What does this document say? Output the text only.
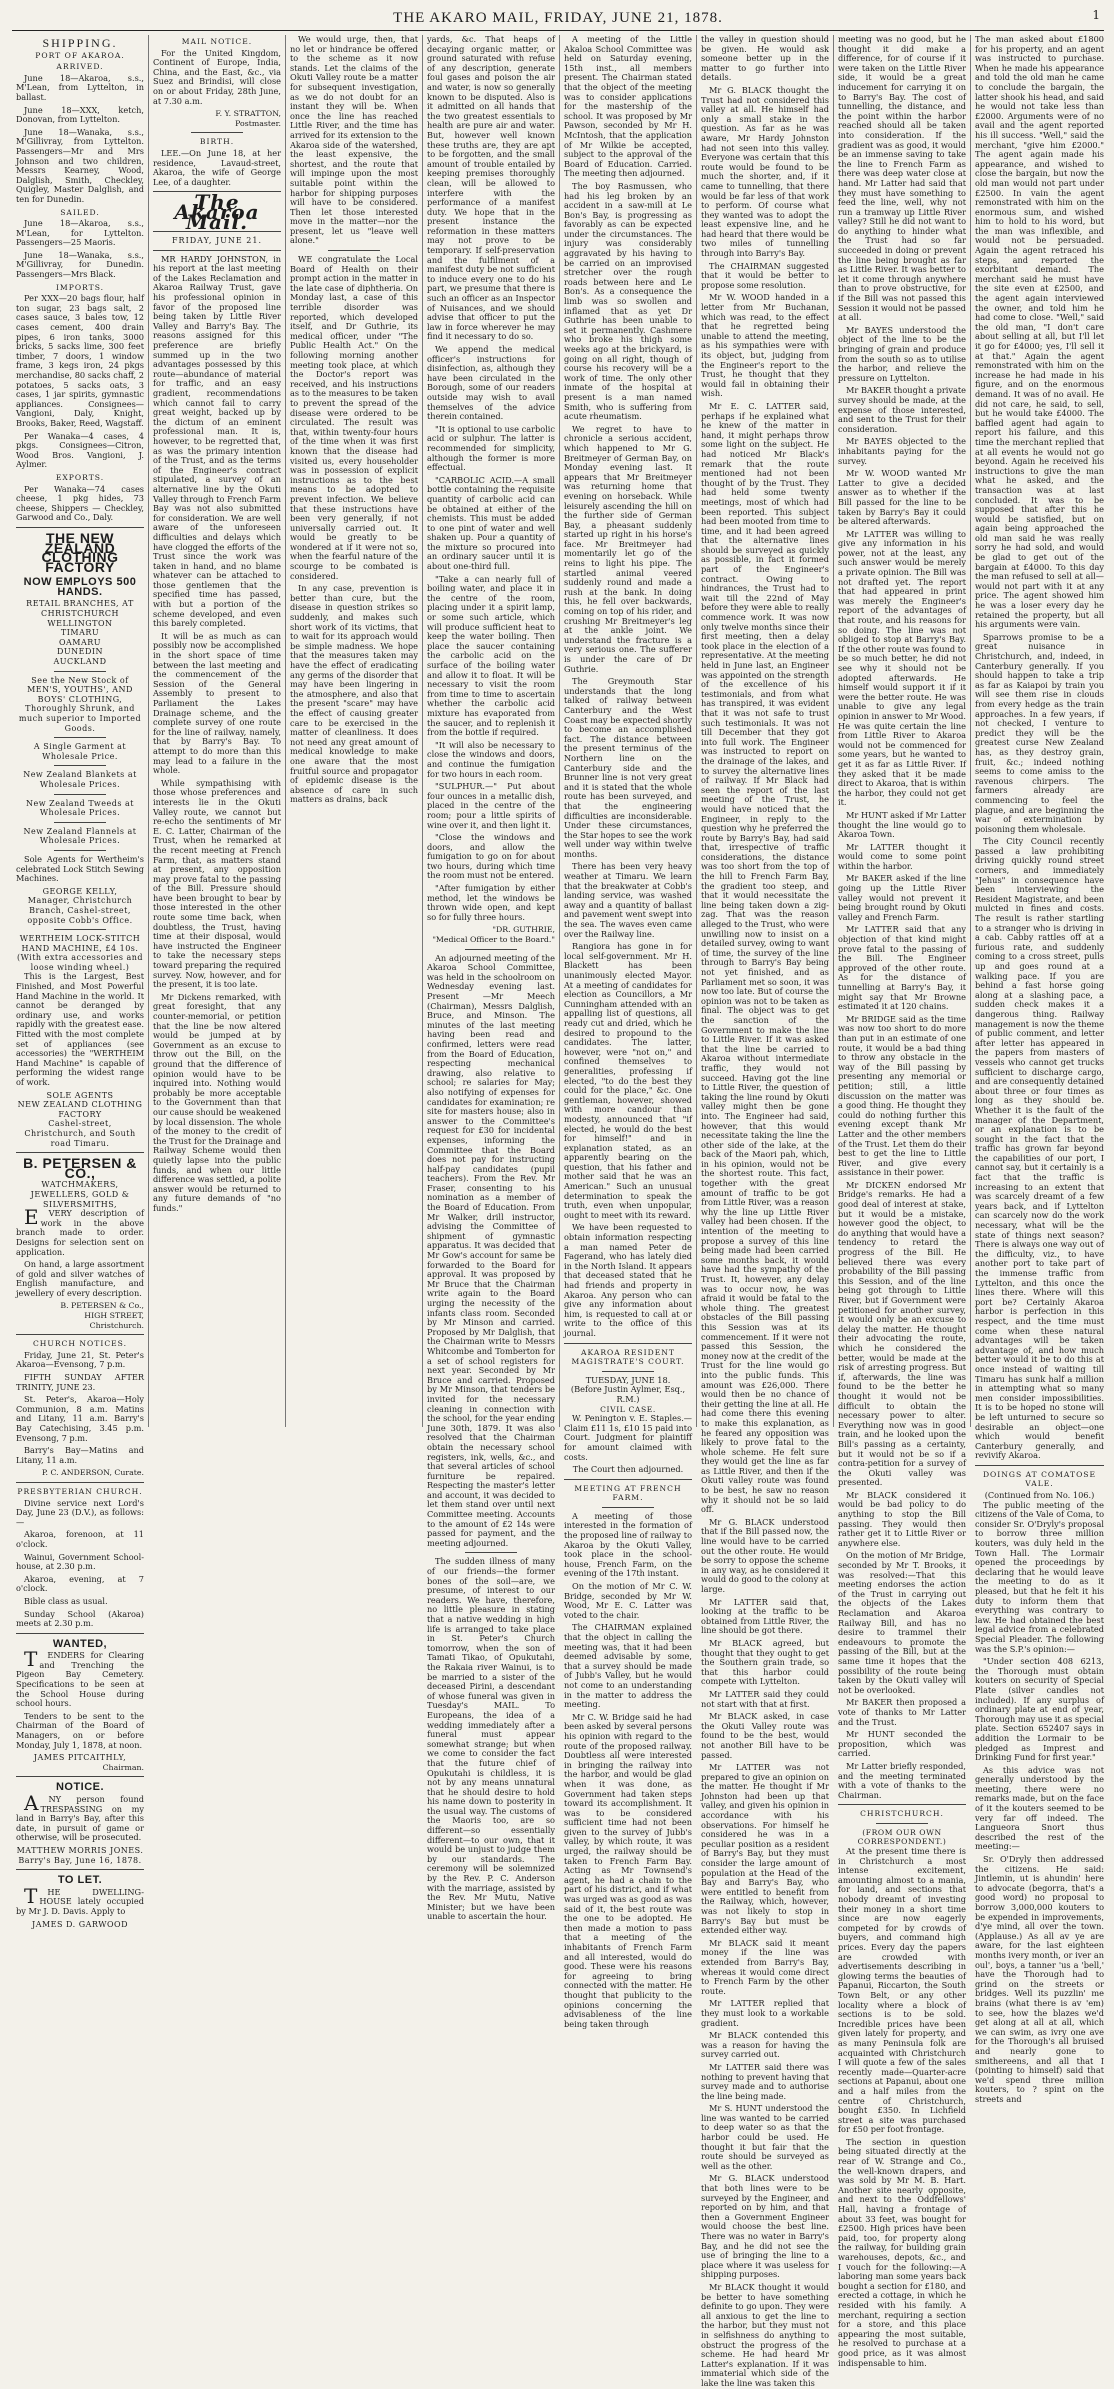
THE AKARO MAIL, FRIDAY, JUNE 21, 1878.	1
SHIPPING.
PORT OF AKAROA.
ARRIVED.

June 18—Akaroa, s.s., M'Lean, from Lyttelton, in ballast.

June 18—XXX, ketch, Donovan, from Lyttelton.

June 18—Wanaka, s.s., M'Gillivray, from Lyttelton. Passengers—Mr and Mrs Johnson and two children, Messrs Kearney, Wood, Dalglish, Smith, Checkley, Quigley, Master Dalglish, and ten for Dunedin.

SAILED.

June 18—Akaroa, s.s., M'Lean, for Lyttelton. Passengers—25 Maoris.

June 18—Wanaka, s.s., M'Gillivray, for Dunedin. Passengers—Mrs Black.

IMPORTS.

Per XXX—20 bags flour, half ton sugar, 23 bags salt, 2 cases sauce, 3 bales tow, 12 cases cement, 400 drain pipes, 6 iron tanks, 3000 bricks, 5 sacks lime, 300 feet timber, 7 doors, 1 window frame, 3 kegs iron, 24 pkgs merchandise, 80 sacks chaff, 2 potatoes, 5 sacks oats, 3 cases, 1 jar spirits, gymnastic appliances. Consignees—Vangioni, Daly, Knight, Brooks, Baker, Reed, Wagstaff.

Per Wanaka—4 cases, 4 pkgs. Consignees—Citron, Wood Bros. Vangioni, J. Aylmer.

EXPORTS.

Per Wanaka—74 cases cheese, 1 pkg hides, 73 cheese, Shippers — Checkley, Garwood and Co., Daly.

THE NEW ZEALAND CLOTHING FACTORY
NOW EMPLOYS 500 HANDS.
RETAIL BRANCHES, AT
CHRISTCHURCH
WELLINGTON
TIMARU
OAMARU
DUNEDIN
AUCKLAND
See the New Stock of MEN'S, YOUTHS', AND BOYS' CLOTHING,
Thoroughly Shrunk, and much superior to Imported Goods.
A Single Garment at Wholesale Price.
New Zealand Blankets at Wholesale Prices.
New Zealand Tweeds at Wholesale Prices.
New Zealand Flannels at Wholesale Prices.

Sole Agents for Wertheim's celebrated Lock Stitch Sewing Machines.

GEORGE KELLY,
Manager, Christchurch Branch, Cashel-street, opposite Cobb's Office.
WERTHEIM LOCK-STITCH HAND MACHINE, £4 10s.
(With extra accessories and loose winding wheel.)

This is the Largest, Best Finished, and Most Powerful Hand Machine in the world. It cannot be deranged by ordinary use, and works rapidly with the greatest ease. Fitted with the most complete set of appliances (see accessories) the "WERTHEIM Hand Machine" is capable of performing the widest range of work.

SOLE AGENTS
NEW ZEALAND CLOTHING FACTORY
Cashel-street, Christchurch, and South road Timaru.
B. PETERSEN & CO.,
WATCHMAKERS, JEWELLERS, GOLD & SILVERSMITHS,

EVERY description of work in the above branch made to order. Designs for selection sent on application.

On hand, a large assortment of gold and silver watches of English manufacture, and jewellery of every description.

B. PETERSEN & Co.,
HIGH STREET,
Christchurch.
CHURCH NOTICES.

Friday, June 21, St. Peter's Akaroa—Evensong, 7 p.m.

FIFTH SUNDAY AFTER TRINITY, JUNE 23.

St. Peter's, Akaroa—Holy Communion, 8 a.m. Matins and Litany, 11 a.m. Barry's Bay Catechising, 3.45 p.m. Evensong, 7 p.m.

Barry's Bay—Matins and Litany, 11 a.m.

P. C. ANDERSON, Curate.
PRESBYTERIAN CHURCH.

Divine service next Lord's Day, June 23 (D.V.), as follows:—

Akaroa, forenoon, at 11 o'clock.

Wainui, Government School-house, at 2.30 p.m.

Akaroa, evening, at 7 o'clock.

Bible class as usual.

Sunday School (Akaroa) meets at 2.30 p.m.

WANTED,

TENDERS for Clearing and Trenching the Pigeon Bay Cemetery. Specifications to be seen at the School House during school hours.

Tenders to be sent to the Chairman of the Board of Managers, on or before Monday, July 1, 1878, at noon.

JAMES PITCAITHLY,
Chairman.
NOTICE.

ANY person found TRESPASSING on my land in Barry's Bay, after this date, in pursuit of game or otherwise, will be prosecuted.

MATTHEW MORRIS JONES.
Barry's Bay, June 16, 1878.
TO LET.

THE DWELLING-HOUSE lately occupied by Mr J. D. Davis. Apply to

JAMES D. GARWOOD
MAIL NOTICE.

For the United Kingdom, Continent of Europe, India, China, and the East, &c., via Suez and Brindisi, will close on or about Friday, 28th June, at 7.30 a.m.

F. Y. STRATTON,
Postmaster.
BIRTH.

LEE.—On June 18, at her residence, Lavaud-street, Akaroa, the wife of George Lee, of a daughter.

The Akaroa Mail.
FRIDAY, JUNE 21.

MR HARDY JOHNSTON, in his report at the last meeting of the Lakes Reclamation and Akaroa Railway Trust, gave his professional opinion in favor of the proposed line being taken by Little River Valley and Barry's Bay. The reasons assigned for this preference are briefly summed up in the two advantages possessed by this route—abundance of material for traffic, and an easy gradient, recommendations which cannot fail to carry great weight, backed up by the dictum of an eminent professional man. It is, however, to be regretted that, as was the primary intention of the Trust, and as the terms of the Engineer's contract stipulated, a survey of an alternative line by the Okuti Valley through to French Farm Bay was not also submitted for consideration. We are well aware of the unforeseen difficulties and delays which have clogged the efforts of the Trust since the work was taken in hand, and no blame whatever can be attached to those gentlemen that the specified time has passed, with but a portion of the scheme developed, and even this barely completed.

It will be as much as can possibly now be accomplished in the short space of time between the last meeting and the commencement of the Session of the General Assembly to present to Parliament the Lakes Drainage scheme, and the complete survey of one route for the line of railway, namely, that by Barry's Bay. To attempt to do more than this may lead to a failure in the whole.

While sympathising with those whose preferences and interests lie in the Okuti Valley route, we cannot but re-echo the sentiments of Mr E. C. Latter, Chairman of the Trust, when he remarked at the recent meeting at French Farm, that, as matters stand at present, any opposition may prove fatal to the passing of the Bill. Pressure should have been brought to bear by those interested in the other route some time back, when doubtless, the Trust, having time at their disposal, would have instructed the Engineer to take the necessary steps toward preparing the required survey. Now, however, and for the present, it is too late.

Mr Dickens remarked, with great foresight, that any counter-memorial, or petition that the line be now altered would be jumped at by Government as an excuse to throw out the Bill, on the ground that the difference of opinion would have to be inquired into. Nothing would probably be more acceptable to the Government than that our cause should be weakened by local dissension. The whole of the money to the credit of the Trust for the Drainage and Railway Scheme would then quietly lapse into the public funds, and when our little difference was settled, a polite answer would be returned to any future demands of "no funds."

We would urge, then, that no let or hindrance be offered to the scheme as it now stands. Let the claims of the Okuti Valley route be a matter for subsequent investigation, as we do not doubt for an instant they will be. When once the line has reached Little River, and the time has arrived for its extension to the Akaroa side of the watershed, the least expensive, the shortest, and the route that will impinge upon the most suitable point within the harbor for shipping purposes will have to be considered. Then let those interested move in the matter—nor the present, let us "leave well alone."

WE congratulate the Local Board of Health on their prompt action in the matter in the late case of diphtheria. On Monday last, a case of this terrible disorder was reported, which developed itself, and Dr Guthrie, its medical officer, under "The Public Health Act." On the following morning another meeting took place, at which the Doctor's report was received, and his instructions as to the measures to be taken to prevent the spread of the disease were ordered to be circulated. The result was that, within twenty-four hours of the time when it was first known that the disease had visited us, every householder was in possession of explicit instructions as to the best means to be adopted to prevent infection. We believe that these instructions have been very generally, if not universally carried out. It would be greatly to be wondered at if it were not so, when the fearful nature of the scourge to be combated is considered.

In any case, prevention is better than cure, but the disease in question strikes so suddenly, and makes such short work of its victims, that to wait for its approach would be simple madness. We hope that the measures taken may have the effect of eradicating any germs of the disorder that may have been lingering in the atmosphere, and also that the present "scare" may have the effect of causing greater care to be exercised in the matter of cleanliness. It does not need any great amount of medical knowledge to make one aware that the most fruitful source and propagator of epidemic disease is the absence of care in such matters as drains, back

yards, &c. That heaps of decaying organic matter, or ground saturated with refuse of any description, generate foul gases and poison the air and water, is now so generally known to be disputed. Also is it admitted on all hands that the two greatest essentials to health are pure air and water. But, however well known these truths are, they are apt to be forgotten, and the small amount of trouble entailed by keeping premises thoroughly clean, will be allowed to interfere with the performance of a manifest duty. We hope that in the present instance the reformation in these matters may not prove to be temporary. If self-preservation and the fulfilment of a manifest duty be not sufficient to induce every one to do his part, we presume that there is such an officer as an Inspector of Nuisances, and we should advise that officer to put the law in force wherever he may find it necessary to do so.

We append the medical officer's instructions for disinfection, as, although they have been circulated in the Borough, some of our readers outside may wish to avail themselves of the advice therein contained.

"It is optional to use carbolic acid or sulphur. The latter is recommended for simplicity, although the former is more effectual.

"CARBOLIC ACID.—A small bottle containing the requisite quantity of carbolic acid can be obtained at either of the chemists. This must be added to one pint of water and well shaken up. Pour a quantity of the mixture so procured into an ordinary saucer until it is about one-third full.

"Take a can nearly full of boiling water, and place it in the centre of the room, placing under it a spirit lamp, or some such article, which will produce sufficient heat to keep the water boiling. Then place the saucer containing the carbolic acid on the surface of the boiling water and allow it to float. It will be necessary to visit the room from time to time to ascertain whether the carbolic acid mixture has evaporated from the saucer, and to replenish it from the bottle if required.

"It will also be necessary to close the windows and doors, and continue the fumigation for two hours in each room.

"SULPHUR.—" Put about four ounces in a metallic dish, placed in the centre of the room; pour a little spirits of wine over it, and then light it.

"Close the windows and doors, and allow the fumigation to go on for about two hours, during which time the room must not be entered.

"After fumigation by either method, let the windows be thrown wide open, and kept so for fully three hours.

"DR. GUTHRIE,
"Medical Officer to the Board."

An adjourned meeting of the Akaroa School Committee, was held in the schoolroom on Wednesday evening last. Present —Mr Meech (Chairman), Messrs Dalglish, Bruce, and Minson. The minutes of the last meeting having been read and confirmed, letters were read from the Board of Education, respecting mechanical drawing, also relative to school; re salaries for May; also notifying of expenses for candidates for examination; re site for masters house; also in answer to the Committee's request for £30 for incidental expenses, informing the Committee that the Board does not pay for instructing half-pay candidates (pupil teachers). From the Rev. Mr Fraser, consenting to his nomination as a member of the Board of Education. From Mr Walker, drill instructor, advising the Committee of shipment of gymnastic apparatus. It was decided that Mr Gow's account for same be forwarded to the Board for approval. It was proposed by Mr Bruce that the Chairman write again to the Board urging the necessity of the infants class room. Seconded by Mr Minson and carried. Proposed by Mr Dalglish, that the Chairman write to Messrs Whitcombe and Tomberton for a set of school registers for next year. Seconded by Mr Bruce and carried. Proposed by Mr Minson, that tenders be invited for the necessary cleaning in connection with the school, for the year ending June 30th, 1879. It was also resolved that the Chairman obtain the necessary school registers, ink, wells, &c., and that several articles of school furniture be repaired. Respecting the master's letter and account, it was decided to let them stand over until next Committee meeting. Accounts to the amount of £2 14s were passed for payment, and the meeting adjourned.

The sudden illness of many of our friends—the former bones of the soil—are, we presume, of interest to our readers. We have, therefore, no little pleasure in stating that a native wedding in high life is arranged to take place in St. Peter's Church tomorrow, when the son of Tamati Tikao, of Opukutahi, the Rakaia river Wainui, is to be married to a sister of the deceased Pirini, a descendant of whose funeral was given in Tuesday's MAIL. To Europeans, the idea of a wedding immediately after a funeral must appear somewhat strange; but when we come to consider the fact that the future chief of Opukutahi is childless, it is not by any means unnatural that he should desire to hold his name down to posterity in the usual way. The customs of the Maoris too, are so different—so essentially different—to our own, that it would be unjust to judge them by our standards. The ceremony will be solemnized by the Rev. P. C. Anderson with the marriage, assisted by the Rev. Mr Mutu, Native Minister; but we have been unable to ascertain the hour.

A meeting of the Little Akaloa School Committee was held on Saturday evening, 15th inst., all members present. The Chairman stated that the object of the meeting was to consider applications for the mastership of the school. It was proposed by Mr Pawson, seconded by Mr H. McIntosh, that the application of Mr Wilkie be accepted, subject to the approval of the Board of Education. Carried. The meeting then adjourned.

The boy Rasmussen, who had his leg broken by an accident in a saw-mill at Le Bon's Bay, is progressing as favorably as can be expected under the circumstances. The injury was considerably aggravated by his having to be carried on an improvised stretcher over the rough roads between here and Le Bon's. As a consequence the limb was so swollen and inflamed that as yet Dr Guthrie has been unable to set it permanently. Cashmere who broke his thigh some weeks ago at the brickyard, is going on all right, though of course his recovery will be a work of time. The only other inmate of the hospital at present is a man named Smith, who is suffering from acute rheumatism.

We regret to have to chronicle a serious accident, which happened to Mr G. Breitmeyer of German Bay, on Monday evening last. It appears that Mr Breitmeyer was returning home that evening on horseback. While leisurely ascending the hill on the further side of German Bay, a pheasant suddenly started up right in his horse's face. Mr Breitmeyer had momentarily let go of the reins to light his pipe. The startled animal veered suddenly round and made a rush at the bank. In doing this, he fell over backwards, coming on top of his rider, and crushing Mr Breitmeyer's leg at the ankle joint. We understand the fracture is a very serious one. The sufferer is under the care of Dr Guthrie.

The Greymouth Star understands that the long talked of railway between Canterbury and the West Coast may be expected shortly to become an accomplished fact. The distance between the present terminus of the Northern line on the Canterbury side and the Brunner line is not very great and it is stated that the whole route has been surveyed, and that the engineering difficulties are inconsiderable. Under these circumstances, the Star hopes to see the work well under way within twelve months.

There has been very heavy weather at Timaru. We learn that the breakwater at Cobb's landing service, was washed away and a quantity of ballast and pavement went swept into the sea. The waves even came over the Railway line.

Rangiora has gone in for local self-government. Mr H. Blackett has been unanimously elected Mayor. At a meeting of candidates for election as Councillors, a Mr Cunningham attended with an appalling list of questions, all ready cut and dried, which he desired to propound to the candidates. The latter, however, were "not on," and confined themselves to generalities, professing if elected, "to do the best they could for the place," &c. One gentleman, however, showed with more candour than modesty, announced that "if elected, he would do the best for himself!" and in explanation stated, as an apparently bearing on the question, that his father and mother said that he was an American." Such an unusual determination to speak the truth, even when unpopular, ought to meet with its reward.

We have been requested to obtain information respecting a man named Peter de Fagerand, who has lately died in the North Island. It appears that deceased stated that he had friends and property in Akaroa. Any person who can give any information about him, is requested to call at or write to the office of this journal.

AKAROA RESIDENT MAGISTRATE'S COURT.
TUESDAY, JUNE 18.
(Before Justin Aylmer, Esq., R.M.)
CIVIL CASE.

W. Penington v. E. Staples.—Claim £11 1s, £10 15 paid into Court. Judgment for plaintiff for amount claimed with costs.

The Court then adjourned.
MEETING AT FRENCH FARM.

A meeting of those interested in the formation of the proposed line of railway to Akaroa by the Okuti Valley, took place in the school-house, French Farm, on the evening of the 17th instant.

On the motion of Mr C. W. Bridge, seconded by Mr W. Wood, Mr E. C. Latter was voted to the chair.

The CHAIRMAN explained that the object in calling the meeting was, that it had been deemed advisable by some, that a survey should be made of Jubb's Valley, but he would not come to an understanding in the matter to address the meeting.

Mr C. W. Bridge said he had been asked by several persons his opinion with regard to the route of the proposed railway. Doubtless all were interested in bringing the railway into the harbor, and would be glad when it was done, as Government had taken steps toward its accomplishment. It was to be considered sufficient time had not been given to the survey of Jubb's valley, by which route, it was urged, the railway should be taken to French Farm Bay. Acting as Mr Townsend's agent, he had a chain to the part of his district, and if what was urged was as good as was said of it, the best route was the one to be adopted. He then made a motion to pass that a meeting of the inhabitants of French Farm and all interested, would do good. These were his reasons for agreeing to bring connected with the matter. He thought that publicity to the opinions concerning the advisableness of the line being taken through

the valley in question should be given. He would ask someone better up in the matter to go further into details.

Mr G. BLACK thought the Trust had not considered this valley at all. He himself had only a small stake in the question. As far as he was aware, Mr Hardy Johnston had not seen into this valley. Everyone was certain that this route would be found to be much the shorter, and, if it came to tunnelling, that there would be far less of that work to perform. Of course what they wanted was to adopt the least expensive line, and he had heard that there would be two miles of tunnelling through into Barry's Bay.

The CHAIRMAN suggested that it would be better to propose some resolution.

Mr W. WOOD handed in a letter from Mr Buchanan, which was read, to the effect that he regretted being unable to attend the meeting, as his sympathies were with its object, but, judging from the Engineer's report to the Trust, he thought that they would fail in obtaining their wish.

Mr E. C. LATTER said, perhaps if he explained what he knew of the matter in hand, it might perhaps throw some light on the subject. He had noticed Mr Black's remark that the route mentioned had not been thought of by the Trust. They had held some twenty meetings, most of which had been reported. This subject had been mooted from time to time, and it had been agreed that the alternative lines should be surveyed as quickly as possible, in fact it formed part of the Engineer's contract. Owing to hindrances, the Trust had to wait till the 22nd of May before they were able to really commence work. It was now only twelve months since their first meeting, then a delay took place in the election of a representative. At the meeting held in June last, an Engineer was appointed on the strength of the excellence of his testimonials, and from what has transpired, it was evident that it was not safe to trust such testimonials. It was not till December that they got into full work. The Engineer was instructed to report on the drainage of the lakes, and to survey the alternative lines of railway. If Mr Black had seen the report of the last meeting of the Trust, he would have noticed that the Engineer, in reply to the question why he preferred the route by Barry's Bay, had said that, irrespective of traffic considerations, the distance was too short from the top of the hill to French Farm Bay, the gradient too steep, and that it would necessitate the line being taken down a zig-zag. That was the reason alleged to the Trust, who were unwilling now to insist on a detailed survey, owing to want of time, the survey of the line through to Barry's Bay being not yet finished, and as Parliament met so soon, it was now too late. But of course the opinion was not to be taken as final. The object was to get the sanction of the Government to make the line to Little River. If it was asked that the line be carried to Akaroa without intermediate traffic, they would not succeed. Having got the line to Little River, the question of taking the line round by Okuti valley might then be gone into. The Engineer had said, however, that this would necessitate taking the line the other side of the lake, at the back of the Maori pah, which, in his opinion, would not be the shortest route. This fact, together with the great amount of traffic to be got from Little River, was a reason why the line up Little River valley had been chosen. If the intention of the meeting to propose a survey of this line being made had been carried some months back, it would have had the sympathy of the Trust. It, however, any delay was to occur now, he was afraid it would be fatal to the whole thing. The greatest obstacles of the Bill passing this Session was at its commencement. If it were not passed this Session, the money now at the credit of the Trust for the line would go into the public funds. This amount was £26,000. There would then be no chance of their getting the line at all. He had come there this evening to make this explanation, as he feared any opposition was likely to prove fatal to the whole scheme. He felt sure they would get the line as far as Little River, and then if the Okuti valley route was found to be best, he saw no reason why it should not be so laid off.

Mr G. BLACK understood that if the Bill passed now, the line would have to be carried out the other route. He would be sorry to oppose the scheme in any way, as he considered it would do good to the colony at large.

Mr LATTER said that, looking at the traffic to be obtained from Little River, the line should be got there.

Mr BLACK agreed, but thought that they ought to get the Southern grain trade, so that this harbor could compete with Lyttelton.

Mr LATTER said they could not start with that at first.

Mr BLACK asked, in case the Okuti Valley route was found to be the best, would not another Bill have to be passed.

Mr LATTER was not prepared to give an opinion on the matter. He thought if Mr Johnston had been up that valley, and given his opinion in accordance with his observations. For himself he considered he was in a peculiar position as a resident of Barry's Bay, but they must consider the large amount of population at the Head of the Bay and Barry's Bay, who were entitled to benefit from the Railway, which, however, was not likely to stop in Barry's Bay but must be extended either way.

Mr BLACK said it meant money if the line was extended from Barry's Bay, whereas it would come direct to French Farm by the other route.

Mr LATTER replied that they must look to a workable gradient.

Mr BLACK contended this was a reason for having the survey carried out.

Mr LATTER said there was nothing to prevent having that survey made and to authorise the line being made.

Mr S. HUNT understood the line was wanted to be carried to deep water so as that the harbor could be used. He thought it but fair that the route should be surveyed as well as the other.

Mr G. BLACK understood that both lines were to be surveyed by the Engineer, and reported on by him, and that then a Government Engineer would choose the best line. There was no water in Barry's Bay, and he did not see the use of bringing the line to a place where it was useless for shipping purposes.

Mr BLACK thought it would be better to have something definite to go upon. They were all anxious to get the line to the harbor, but they must not in selfishness do anything to obstruct the progress of the scheme. He had heard Mr Latter's explanation. If it was immaterial which side of the lake the line was taken this

meeting was no good, but he thought it did make a difference, for of course if it were taken on the Little River side, it would be a great inducement for carrying it on to Barry's Bay. The cost of tunnelling, the distance, and the point within the harbor reached should all be taken into consideration. If the gradient was as good, it would be an immense saving to take the line to French Farm as there was deep water close at hand. Mr Latter had said that they must have something to feed the line, well, why not run a tramway up Little River valley? Still he did not want to do anything to hinder what the Trust had so far succeeded in doing or prevent the line being brought as far as Little River. It was better to let it come through anywhere than to prove obstructive, for if the Bill was not passed this Session it would not be passed at all.

Mr BAYES understood the object of the line to be the bringing of grain and produce from the south so as to utilise the harbor, and relieve the pressure on Lyttelton.

Mr BAKER thought a private survey should be made, at the expense of those interested, and sent to the Trust for their consideration.

Mr BAYES objected to the inhabitants paying for the survey.

Mr W. WOOD wanted Mr Latter to give a decided answer as to whether if the Bill passed for the line to be taken by Barry's Bay it could be altered afterwards.

Mr LATTER was willing to give any information in his power, not at the least, any such answer would be merely a private opinion. The Bill was not drafted yet. The report that had appeared in print was merely the Engineer's report of the advantages of that route, and his reasons for so doing. The line was not obliged to stop at Barry's Bay. If the other route was found to be so much better, he did not see why it should not be adopted afterwards. He himself would support it if it were the better route. He was unable to give any legal opinion in answer to Mr Wood. He was quite certain the line from Little River to Akaroa would not be commenced for some years, but he wanted to get it as far as Little River. If they asked that it be made direct to Akaroa, that is within the harbor, they could not get it.

Mr HUNT asked if Mr Latter thought the line would go to Akaroa Town.

Mr LATTER thought it would come to some point within the harbor.

Mr BAKER asked if the line going up the Little River valley would not prevent it being brought round by Okuti valley and French Farm.

Mr LATTER said that any objection of that kind might prove fatal to the passing of the Bill. The Engineer approved of the other route. As for the distance of tunnelling at Barry's Bay, it might say that Mr Browne estimated it at 120 chains.

Mr BRIDGE said as the time was now too short to do more than put in an estimate of one route, it would be a bad thing to throw any obstacle in the way of the Bill passing by presenting any memorial or petition; still, a little discussion on the matter was a good thing. He thought they could do nothing further this evening except thank Mr Latter and the other members of the Trust. Let them do their best to get the line to Little River, and give every assistance in their power.

Mr DICKEN endorsed Mr Bridge's remarks. He had a good deal of interest at stake, but it would be a mistake, however good the object, to do anything that would have a tendency to retard the progress of the Bill. He believed there was every probability of the Bill passing this Session, and of the line being got through to Little River, but if Government were petitioned for another survey, it would only be an excuse to delay the matter. He thought their advocating the route, which he considered the better, would be made at the risk of arresting progress. But if, afterwards, the line was found to be the better he thought it would not be difficult to obtain the necessary power to alter. Everything now was in good train, and he looked upon the Bill's passing as a certainty, but it would not be so if a contra-petition for a survey of the Okuti valley was presented.

Mr BLACK considered it would be bad policy to do anything to stop the Bill passing. They would then rather get it to Little River or anywhere else.

On the motion of Mr Bridge, seconded by Mr T. Brooks, it was resolved:—That this meeting endorses the action of the Trust in carrying out the objects of the Lakes Reclamation and Akaroa Railway Bill, and has no desire to trammel their endeavours to promote the passing of the Bill, but at the same time it hopes that the possibility of the route being taken by the Okuti valley will not be overlooked.

Mr BAKER then proposed a vote of thanks to Mr Latter and the Trust.

Mr HUNT seconded the proposition, which was carried.

Mr Latter briefly responded, and the meeting terminated with a vote of thanks to the Chairman.

CHRISTCHURCH.
(FROM OUR OWN CORRESPONDENT.)

At the present time there is in Christchurch a most intense excitement, amounting almost to a mania, for land, and sections that nobody dreamt of investing their money in a short time since are now eagerly competed for by crowds of buyers, and command high prices. Every day the papers are crowded with advertisements describing in glowing terms the beauties of Papanui, Riccarton, the South Town Belt, or any other locality where a block of sections is to be sold. Incredible prices have been given lately for property, and as many Peninsula folk are acquainted with Christchurch I will quote a few of the sales recently made—Quarter-acre sections at Papanui, about one and a half miles from the centre of Christchurch, bought £350. In Lichfield street a site was purchased for £50 per foot frontage.

The section in question being situated directly at the rear of W. Strange and Co., the well-known drapers, and was sold by Mr M. B. Hart. Another site nearly opposite, and next to the Oddfellows' Hall, having a frontage of about 33 feet, was bought for £2500. High prices have been paid, too, for property along the railway, for building grain warehouses, depots, &c., and I vouch for the following:—A laboring man some years back bought a section for £180, and erected a cottage, in which he resided with his family. A merchant, requiring a section for a store, and this place appearing the most suitable, he resolved to purchase at a good price, as it was almost indispensable to him.

The man asked about £1800 for his property, and an agent was instructed to purchase. When he made his appearance and told the old man he came to conclude the bargain, the latter shook his head, and said he would not take less than £2000. Arguments were of no avail and the agent reported his ill success. "Well," said the merchant, "give him £2000." The agent again made his appearance, and wished to close the bargain, but now the old man would not part under £2500. In vain the agent remonstrated with him on the enormous sum, and wished him to hold to his word, but the man was inflexible, and would not be persuaded. Again the agent retraced his steps, and reported the exorbitant demand. The merchant said he must have the site even at £2500, and the agent again interviewed the owner, and told him he had come to close. "Well," said the old man, "I don't care about selling at all, but I'll let it go for £4000; yes, I'll sell it at that." Again the agent remonstrated with him on the increase he had made in his figure, and on the enormous demand. It was of no avail. He did not care, he said, to sell, but he would take £4000. The baffled agent had again to report his failure, and this time the merchant replied that at all events he would not go beyond. Again he received his instructions to give the man what he asked, and the transaction was at last concluded. It was to be supposed that after this he would be satisfied, but on again being approached the old man said he was really sorry he had sold, and would be glad to get out of the bargain at £4000. To this day the man refused to sell at all—would not part with it at any price. The agent showed him he was a loser every day he retained the property, but all his arguments were vain.

Sparrows promise to be a great nuisance in Christchurch, and, indeed, in Canterbury generally. If you should happen to take a trip as far as Kaiapoi by train you will see them rise in clouds from every hedge as the train approaches. In a few years, if not checked, I venture to predict they will be the greatest curse New Zealand has, as they destroy grain, fruit, &c.; indeed nothing seems to come amiss to the ravenous chirpers. The farmers already are commencing to feel the plague, and are beginning the war of extermination by poisoning them wholesale.

The City Council recently passed a law prohibiting driving quickly round street corners, and immediately "Jehus" in consequence have been interviewing the Resident Magistrate, and been mulcted in fines and costs. The result is rather startling to a stranger who is driving in a cab. Cabby rattles off at a furious rate, and suddenly coming to a cross street, pulls up and goes round at a walking pace. If you are behind a fast horse going along at a slashing pace, a sudden check makes it a dangerous thing. Railway management is now the theme of public comment, and letter after letter has appeared in the papers from masters of vessels who cannot get trucks sufficient to discharge cargo, and are consequently detained about three or four times as long as they should be. Whether it is the fault of the manager of the Department, or an explanation is to be sought in the fact that the traffic has grown far beyond the capabilities of our port, I cannot say, but it certainly is a fact that the traffic is increasing to an extent that was scarcely dreamt of a few years back, and if Lyttelton can scarcely now do the work necessary, what will be the state of things next season? There is always one way out of the difficulty, viz., to have another port to take part of the immense traffic from Lyttelton, and this once the lines there. Where will this port be? Certainly Akaroa harbor is perfection in this respect, and the time must come when these natural advantages will be taken advantage of, and how much better would it be to do this at once instead of waiting till Timaru has sunk half a million in attempting what so many men consider impossibilities. It is to be hoped no stone will be left unturned to secure so desirable an object—one which would benefit Canterbury generally, and revivify Akaroa.

DOINGS AT COMATOSE VALE.
(Continued from No. 106.)

The public meeting of the citizens of the Vale of Coma, to consider Sr. O'Dryly's proposal to borrow three million kouters, was duly held in the Town Hall. The Lormair opened the proceedings by declaring that he would leave the meeting to do as it pleased, but that he felt it his duty to inform them that everything was contrary to law. He had obtained the best legal advice from a celebrated Special Pleader. The following was the S.P.'s opinion:—

"Under section 408 6213, the Thorough must obtain kouters on security of Special Plate (silver candles not included). If any surplus of ordinary plate at end of year, Thorough may use it as special plate. Section 652407 says in addition the Lormair to be pledged as Imprest and Drinking Fund for first year."

As this advice was not generally understood by the meeting, there were no remarks made, but on the face of it the kouters seemed to be very far off indeed. The Langueora Snort thus described the rest of the meeting:—

Sr. O'Dryly then addressed the citizens. He said: Jintlemin, ut is ahundin' here to advocate (begorra, that's a good word) no proposal to borrow 3,000,000 kouters to be expended in improvements, d'ye mind, all over the town. (Applause.) As all av ye are aware, for the last eighteen months ivery month, or iver an oul', boys, a tanner 'us a 'bell,' have the Thorough had to grind on the streets or bridges. Well its puzzlin' me brains (what there is av 'em) to see, how the blazes we'd get along at all at all, which we can swim, as ivry one ave for the Thorough's all bruised and nearly gone to smithereens, and all that I (pointing to himself) said that we'd spend three million kouters, to ? spint on the streets and
